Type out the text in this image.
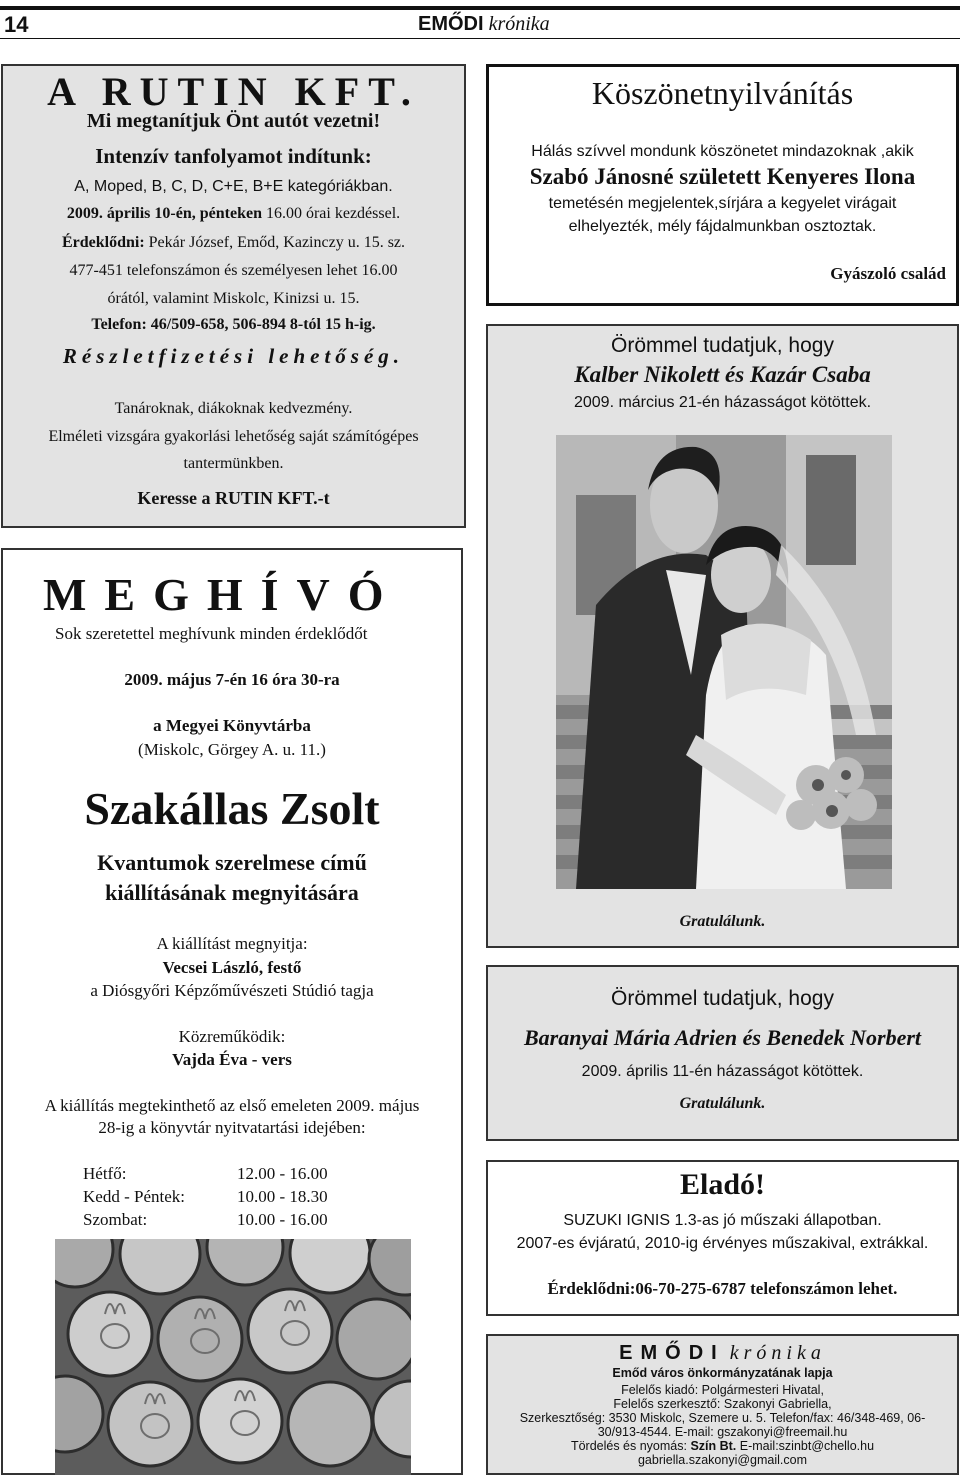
14	EMŐDI krónika
A RUTIN KFT.
Mi megtanítjuk Önt autót vezetni!
Intenzív tanfolyamot indítunk:
A, Moped, B, C, D, C+E, B+E kategóriákban.
2009. április 10-én, pénteken 16.00 órai kezdéssel.
Érdeklődni: Pekár József, Emőd, Kazinczy u. 15. sz.
477-451 telefonszámon és személyesen lehet 16.00
órától, valamint Miskolc, Kinizsi u. 15.
Telefon: 46/509-658, 506-894 8-tól 15 h-ig.
Részletfizetési lehetőség.
Tanároknak, diákoknak kedvezmény.
Elméleti vizsgára gyakorlási lehetőség saját számítógépes
tantermünkben.
Keresse a RUTIN KFT.-t
Köszönetnyilvánítás
Hálás szívvel mondunk köszönetet mindazoknak ,akik
Szabó Jánosné született Kenyeres Ilona
temetésén megjelentek,sírjára a kegyelet virágait
elhelyezték, mély fájdalmunkban osztoztak.
Gyászoló család
Örömmel tudatjuk, hogy
Kalber Nikolett és Kazár Csaba
2009. március 21-én házasságot kötöttek.
Gratulálunk.
Örömmel tudatjuk, hogy
Baranyai Mária Adrien és Benedek Norbert
2009. április 11-én házasságot kötöttek.
Gratulálunk.
Eladó!
SUZUKI IGNIS 1.3-as jó műszaki állapotban.
2007-es évjáratú, 2010-ig érvényes műszakival, extrákkal.
Érdeklődni:06-70-275-6787 telefonszámon lehet.
EMŐDI krónika
Emőd város önkormányzatának lapja
Felelős kiadó: Polgármesteri Hivatal,
Felelős szerkesztő: Szakonyi Gabriella,
Szerkesztőség: 3530 Miskolc, Szemere u. 5. Telefon/fax: 46/348-469, 06-
30/913-4544. E-mail: gszakonyi@freemail.hu
Tördelés és nyomás: Szín Bt. E-mail:szinbt@chello.hu
gabriella.szakonyi@gmail.com
MEGHÍVÓ
Sok szeretettel meghívunk minden érdeklődőt
2009. május 7-én 16 óra 30-ra
a Megyei Könyvtárba
(Miskolc, Görgey A. u. 11.)
Szakállas Zsolt
Kvantumok szerelmese című
kiállításának megnyitására
A kiállítást megnyitja:
Vecsei László, festő
a Diósgyőri Képzőművészeti Stúdió tagja
Közreműködik:
Vajda Éva - vers
A kiállítás megtekinthető az első emeleten 2009. május
28-ig a könyvtár nyitvatartási idejében:
Hétfő:	12.00 - 16.00
Kedd - Péntek:	10.00 - 18.30
Szombat:	10.00 - 16.00
